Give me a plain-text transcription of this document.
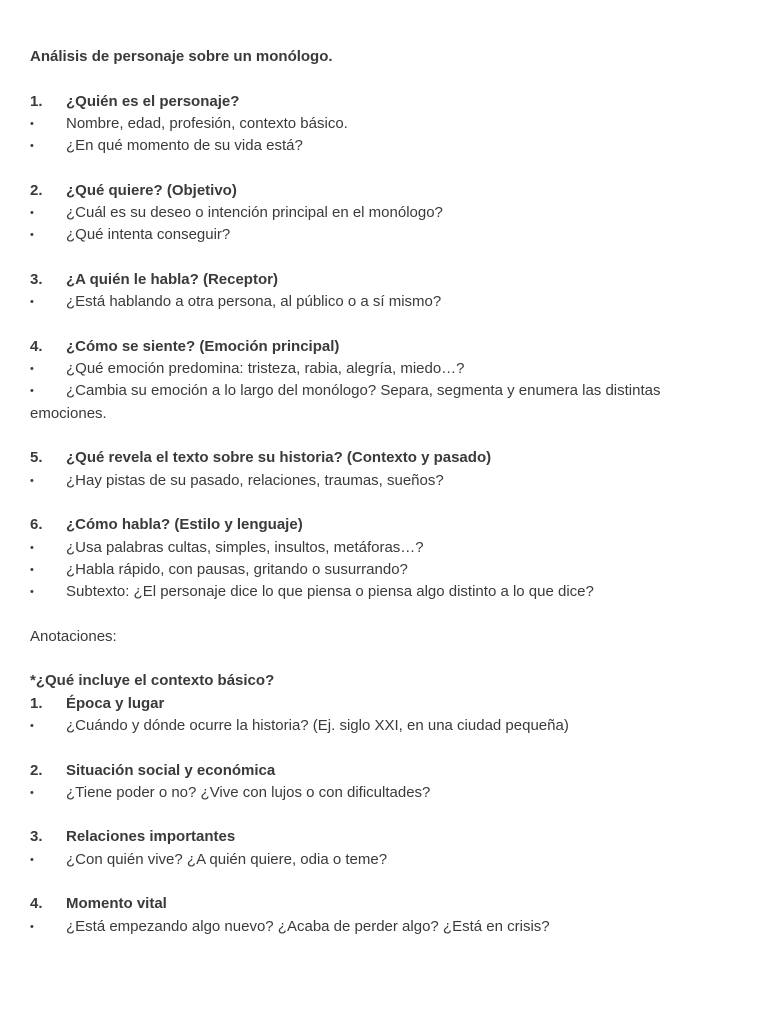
Análisis de personaje sobre un monólogo.
1. ¿Quién es el personaje?
• Nombre, edad, profesión, contexto básico.
• ¿En qué momento de su vida está?
2. ¿Qué quiere? (Objetivo)
• ¿Cuál es su deseo o intención principal en el monólogo?
• ¿Qué intenta conseguir?
3. ¿A quién le habla? (Receptor)
• ¿Está hablando a otra persona, al público o a sí mismo?
4. ¿Cómo se siente? (Emoción principal)
• ¿Qué emoción predomina: tristeza, rabia, alegría, miedo…?
• ¿Cambia su emoción a lo largo del monólogo? Separa, segmenta y enumera las distintas emociones.
5. ¿Qué revela el texto sobre su historia? (Contexto y pasado)
• ¿Hay pistas de su pasado, relaciones, traumas, sueños?
6. ¿Cómo habla? (Estilo y lenguaje)
• ¿Usa palabras cultas, simples, insultos, metáforas…?
• ¿Habla rápido, con pausas, gritando o susurrando?
• Subtexto: ¿El personaje dice lo que piensa o piensa algo distinto a lo que dice?
Anotaciones:
*¿Qué incluye el contexto básico?
1. Época y lugar
• ¿Cuándo y dónde ocurre la historia? (Ej. siglo XXI, en una ciudad pequeña)
2. Situación social y económica
• ¿Tiene poder o no? ¿Vive con lujos o con dificultades?
3. Relaciones importantes
• ¿Con quién vive? ¿A quién quiere, odia o teme?
4. Momento vital
• ¿Está empezando algo nuevo? ¿Acaba de perder algo? ¿Está en crisis?
